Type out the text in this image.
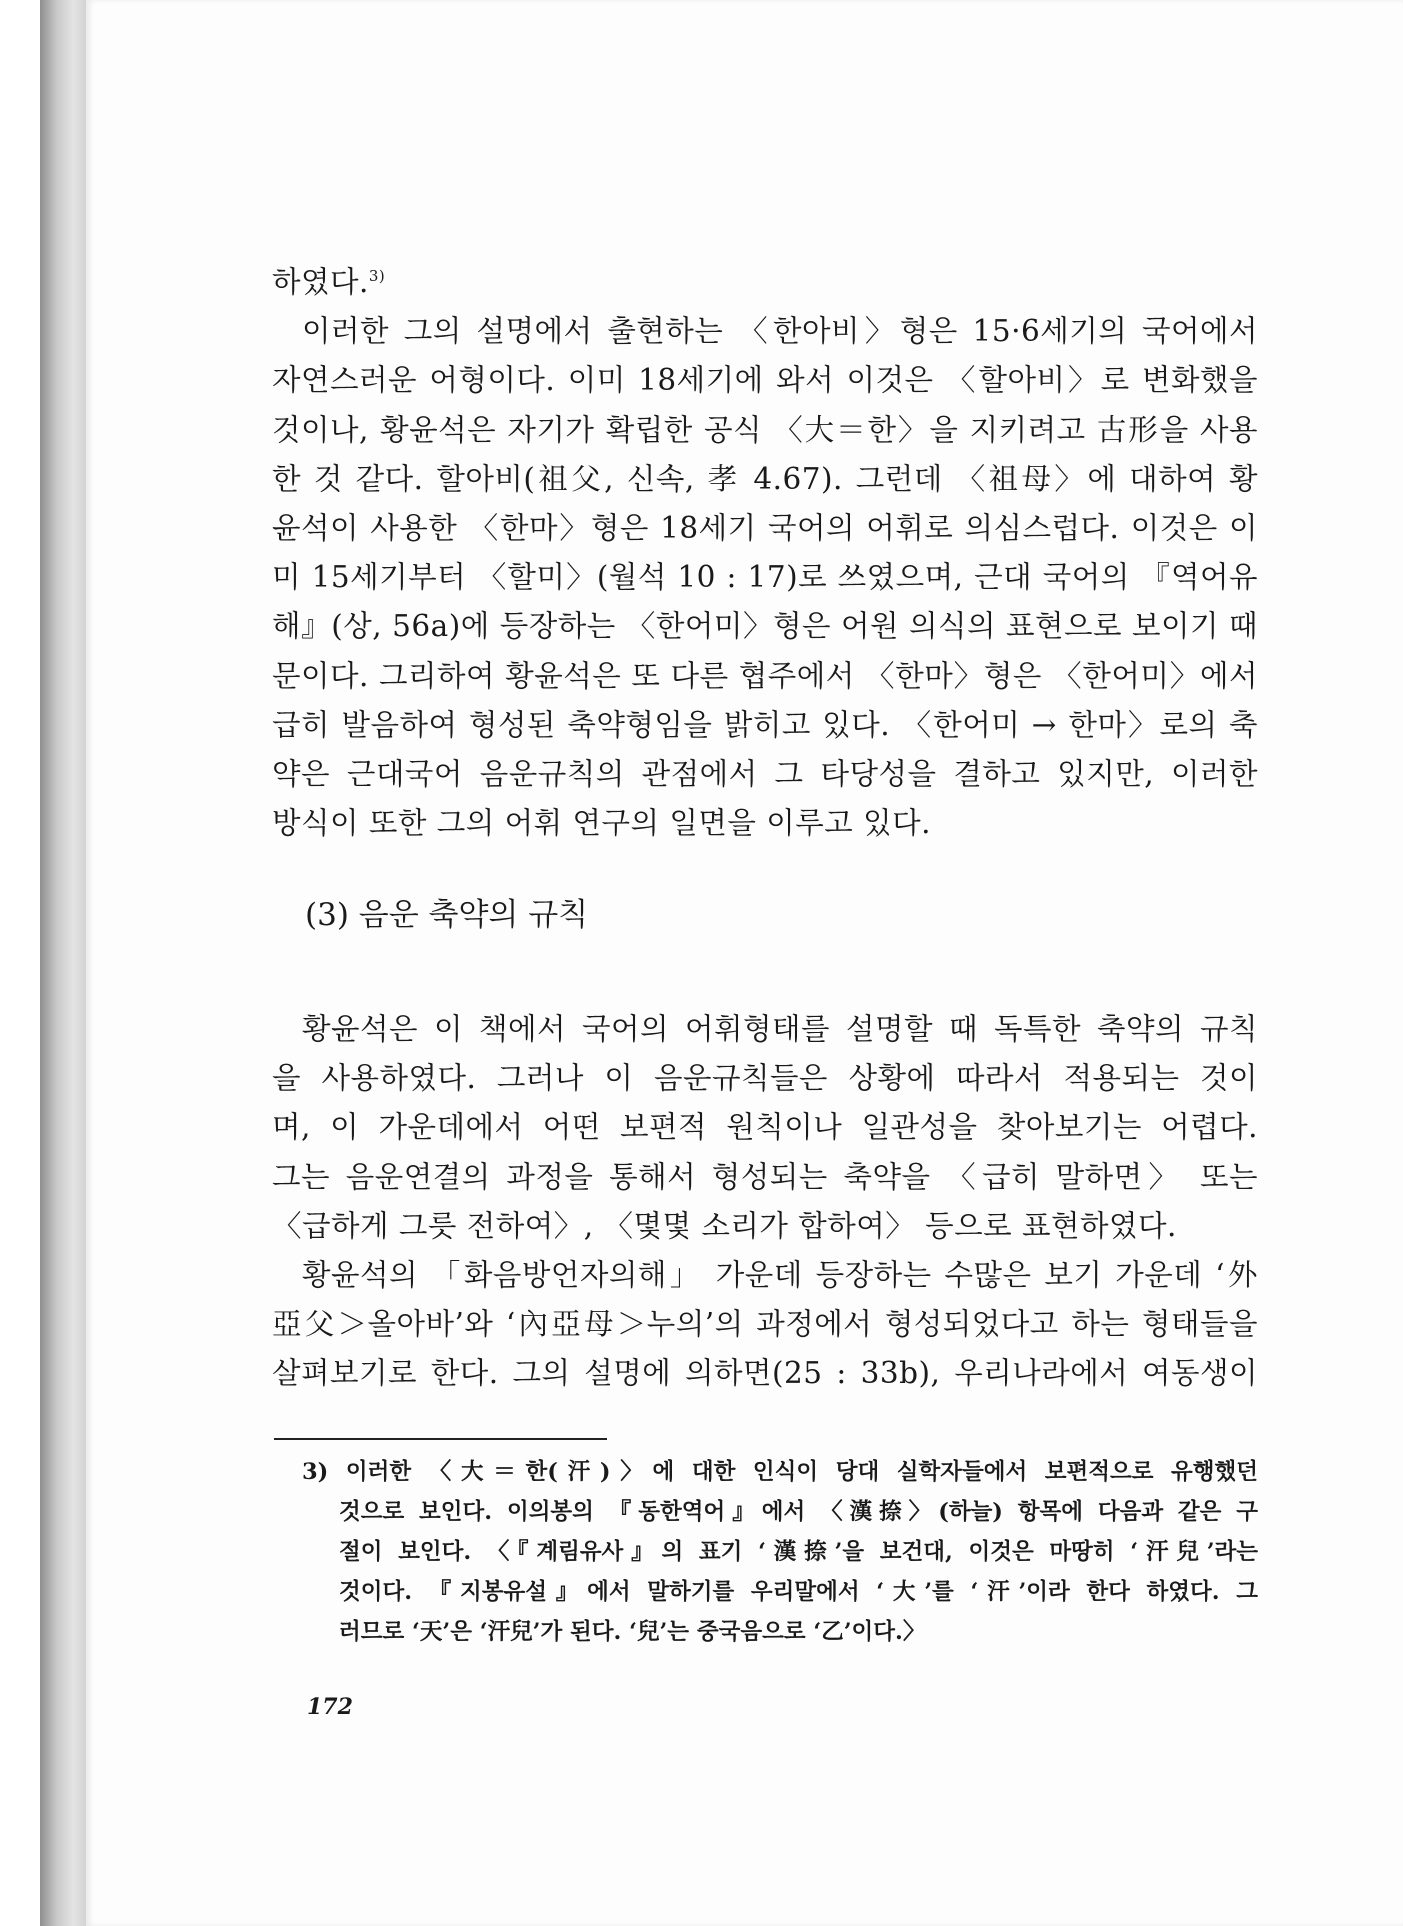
하였다.$^{3)}$
이러한 그의 설명에서 출현하는 〈한아비〉형은 15·6세기의 국어에서
자연스러운 어형이다. 이미 18세기에 와서 이것은 〈할아비〉로 변화했을
것이나, 황윤석은 자기가 확립한 공식 〈大＝한〉을 지키려고 古形을 사용
한 것 같다. 할아비(祖父, 신속, 孝 4.67). 그런데 〈祖母〉에 대하여 황
윤석이 사용한 〈한마〉형은 18세기 국어의 어휘로 의심스럽다. 이것은 이
미 15세기부터 〈할미〉(월석 10 : 17)로 쓰였으며, 근대 국어의 『역어유
해』(상, 56a)에 등장하는 〈한어미〉형은 어원 의식의 표현으로 보이기 때
문이다. 그리하여 황윤석은 또 다른 협주에서 〈한마〉형은 〈한어미〉에서
급히 발음하여 형성된 축약형임을 밝히고 있다. 〈한어미 → 한마〉로의 축
약은 근대국어 음운규칙의 관점에서 그 타당성을 결하고 있지만, 이러한
방식이 또한 그의 어휘 연구의 일면을 이루고 있다.
(3) 음운 축약의 규칙
황윤석은 이 책에서 국어의 어휘형태를 설명할 때 독특한 축약의 규칙
을 사용하였다. 그러나 이 음운규칙들은 상황에 따라서 적용되는 것이
며, 이 가운데에서 어떤 보편적 원칙이나 일관성을 찾아보기는 어렵다.
그는 음운연결의 과정을 통해서 형성되는 축약을 〈급히 말하면〉 또는
〈급하게 그릇 전하여〉, 〈몇몇 소리가 합하여〉 등으로 표현하였다.
황윤석의 「화음방언자의해」 가운데 등장하는 수많은 보기 가운데 ‘外
亞父＞올아바’와 ‘內亞母＞누의’의 과정에서 형성되었다고 하는 형태들을
살펴보기로 한다. 그의 설명에 의하면(25 : 33b), 우리나라에서 여동생이
3) 이러한 〈大＝한(汗)〉에 대한 인식이 당대 실학자들에서 보편적으로 유행했던
것으로 보인다. 이의봉의 『동한역어』에서 〈漢捺〉(하늘) 항목에 다음과 같은 구
절이 보인다. 〈『계림유사』의 표기 ‘漢捺’을 보건대, 이것은 마땅히 ‘汗兒’라는
것이다. 『지봉유설』에서 말하기를 우리말에서 ‘大’를 ‘汗’이라 한다 하였다. 그
러므로 ‘天’은 ‘汗兒’가 된다. ‘兒’는 중국음으로 ‘乙’이다.〉
172
